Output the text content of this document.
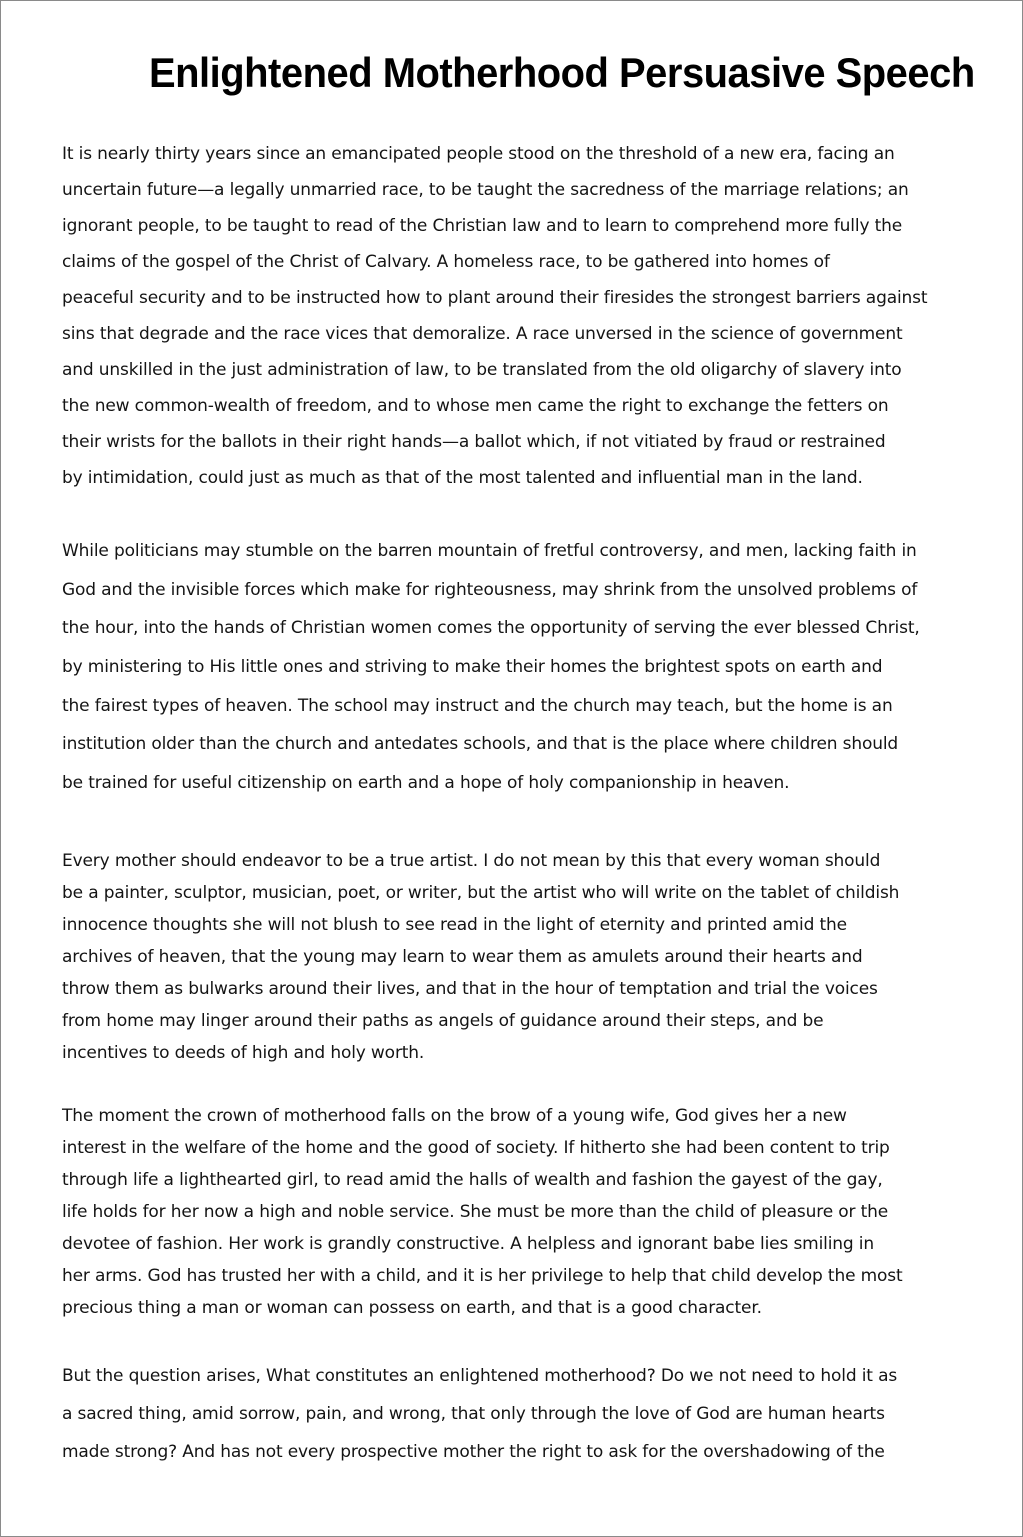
Enlightened Motherhood Persuasive Speech

It is nearly thirty years since an emancipated people stood on the threshold of a new era, facing an
uncertain future—a legally unmarried race, to be taught the sacredness of the marriage relations; an
ignorant people, to be taught to read of the Christian law and to learn to comprehend more fully the
claims of the gospel of the Christ of Calvary. A homeless race, to be gathered into homes of
peaceful security and to be instructed how to plant around their firesides the strongest barriers against
sins that degrade and the race vices that demoralize. A race unversed in the science of government
and unskilled in the just administration of law, to be translated from the old oligarchy of slavery into
the new common-wealth of freedom, and to whose men came the right to exchange the fetters on
their wrists for the ballots in their right hands—a ballot which, if not vitiated by fraud or restrained
by intimidation, could just as much as that of the most talented and influential man in the land.

While politicians may stumble on the barren mountain of fretful controversy, and men, lacking faith in
God and the invisible forces which make for righteousness, may shrink from the unsolved problems of
the hour, into the hands of Christian women comes the opportunity of serving the ever blessed Christ,
by ministering to His little ones and striving to make their homes the brightest spots on earth and
the fairest types of heaven. The school may instruct and the church may teach, but the home is an
institution older than the church and antedates schools, and that is the place where children should
be trained for useful citizenship on earth and a hope of holy companionship in heaven.

Every mother should endeavor to be a true artist. I do not mean by this that every woman should
be a painter, sculptor, musician, poet, or writer, but the artist who will write on the tablet of childish
innocence thoughts she will not blush to see read in the light of eternity and printed amid the
archives of heaven, that the young may learn to wear them as amulets around their hearts and
throw them as bulwarks around their lives, and that in the hour of temptation and trial the voices
from home may linger around their paths as angels of guidance around their steps, and be
incentives to deeds of high and holy worth.

The moment the crown of motherhood falls on the brow of a young wife, God gives her a new
interest in the welfare of the home and the good of society. If hitherto she had been content to trip
through life a lighthearted girl, to read amid the halls of wealth and fashion the gayest of the gay,
life holds for her now a high and noble service. She must be more than the child of pleasure or the
devotee of fashion. Her work is grandly constructive. A helpless and ignorant babe lies smiling in
her arms. God has trusted her with a child, and it is her privilege to help that child develop the most
precious thing a man or woman can possess on earth, and that is a good character.

But the question arises, What constitutes an enlightened motherhood? Do we not need to hold it as
a sacred thing, amid sorrow, pain, and wrong, that only through the love of God are human hearts
made strong? And has not every prospective mother the right to ask for the overshadowing of the
